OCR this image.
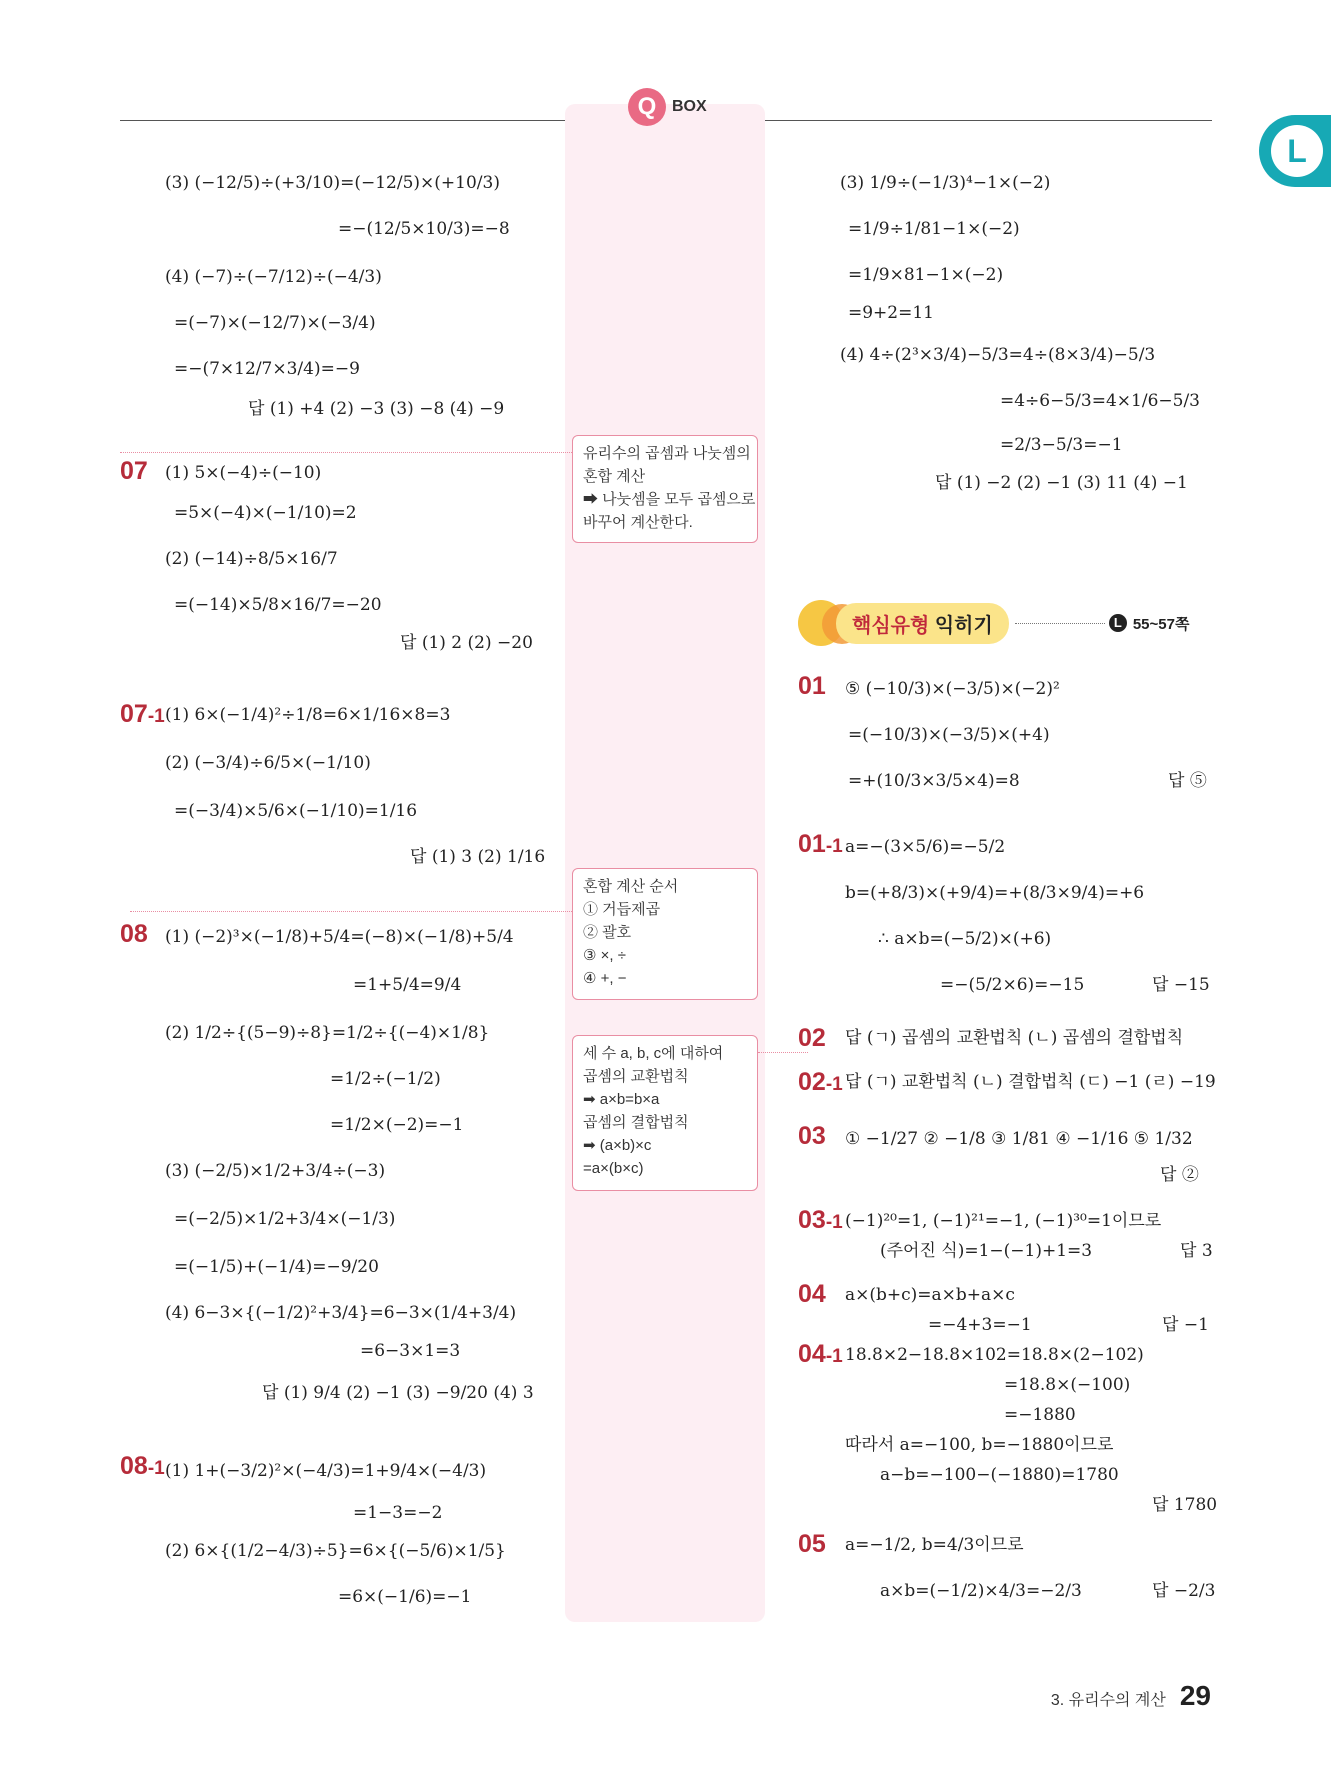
Q BOX
L
유리수의 곱셈과 나눗셈의
혼합 계산
➡ 나눗셈을 모두 곱셈으로
바꾸어 계산한다.
혼합 계산 순서
① 거듭제곱
② 괄호
③ ×, ÷
④ +, −
세 수 a, b, c에 대하여
곱셈의 교환법칙
➡ a×b=b×a
곱셈의 결합법칙
➡ (a×b)×c
=a×(b×c)
07
07-1
08
08-1
(3) (−12/5)÷(+3/10)=(−12/5)×(+10/3)
=−(12/5×10/3)=−8
(4) (−7)÷(−7/12)÷(−4/3)
=(−7)×(−12/7)×(−3/4)
=−(7×12/7×3/4)=−9
답 (1) +4 (2) −3 (3) −8 (4) −9
(1) 5×(−4)÷(−10)
=5×(−4)×(−1/10)=2
(2) (−14)÷8/5×16/7
=(−14)×5/8×16/7=−20
답 (1) 2 (2) −20
(1) 6×(−1/4)²÷1/8=6×1/16×8=3
(2) (−3/4)÷6/5×(−1/10)
=(−3/4)×5/6×(−1/10)=1/16
답 (1) 3 (2) 1/16
(1) (−2)³×(−1/8)+5/4=(−8)×(−1/8)+5/4
=1+5/4=9/4
(2) 1/2÷{(5−9)÷8}=1/2÷{(−4)×1/8}
=1/2÷(−1/2)
=1/2×(−2)=−1
(3) (−2/5)×1/2+3/4÷(−3)
=(−2/5)×1/2+3/4×(−1/3)
=(−1/5)+(−1/4)=−9/20
(4) 6−3×{(−1/2)²+3/4}=6−3×(1/4+3/4)
=6−3×1=3
답 (1) 9/4 (2) −1 (3) −9/20 (4) 3
(1) 1+(−3/2)²×(−4/3)=1+9/4×(−4/3)
=1−3=−2
(2) 6×{(1/2−4/3)÷5}=6×{(−5/6)×1/5}
=6×(−1/6)=−1
(3) 1/9÷(−1/3)⁴−1×(−2)
=1/9÷1/81−1×(−2)
=1/9×81−1×(−2)
=9+2=11
(4) 4÷(2³×3/4)−5/3=4÷(8×3/4)−5/3
=4÷6−5/3=4×1/6−5/3
=2/3−5/3=−1
답 (1) −2 (2) −1 (3) 11 (4) −1
핵심유형 익히기	L 55~57쪽
01
01-1
02
02-1
03
03-1
04
04-1
05
⑤ (−10/3)×(−3/5)×(−2)²
=(−10/3)×(−3/5)×(+4)
=+(10/3×3/5×4)=8	답 ⑤
a=−(3×5/6)=−5/2
b=(+8/3)×(+9/4)=+(8/3×9/4)=+6
∴ a×b=(−5/2)×(+6)
=−(5/2×6)=−15	답 −15
답 (ㄱ) 곱셈의 교환법칙 (ㄴ) 곱셈의 결합법칙
답 (ㄱ) 교환법칙 (ㄴ) 결합법칙 (ㄷ) −1 (ㄹ) −19
① −1/27 ② −1/8 ③ 1/81 ④ −1/16 ⑤ 1/32
답 ②
(−1)²⁰=1, (−1)²¹=−1, (−1)³⁰=1이므로
(주어진 식)=1−(−1)+1=3	답 3
a×(b+c)=a×b+a×c
=−4+3=−1	답 −1
18.8×2−18.8×102=18.8×(2−102)
=18.8×(−100)
=−1880
따라서 a=−100, b=−1880이므로
a−b=−100−(−1880)=1780
답 1780
a=−1/2, b=4/3이므로
a×b=(−1/2)×4/3=−2/3	답 −2/3
3. 유리수의 계산 29
